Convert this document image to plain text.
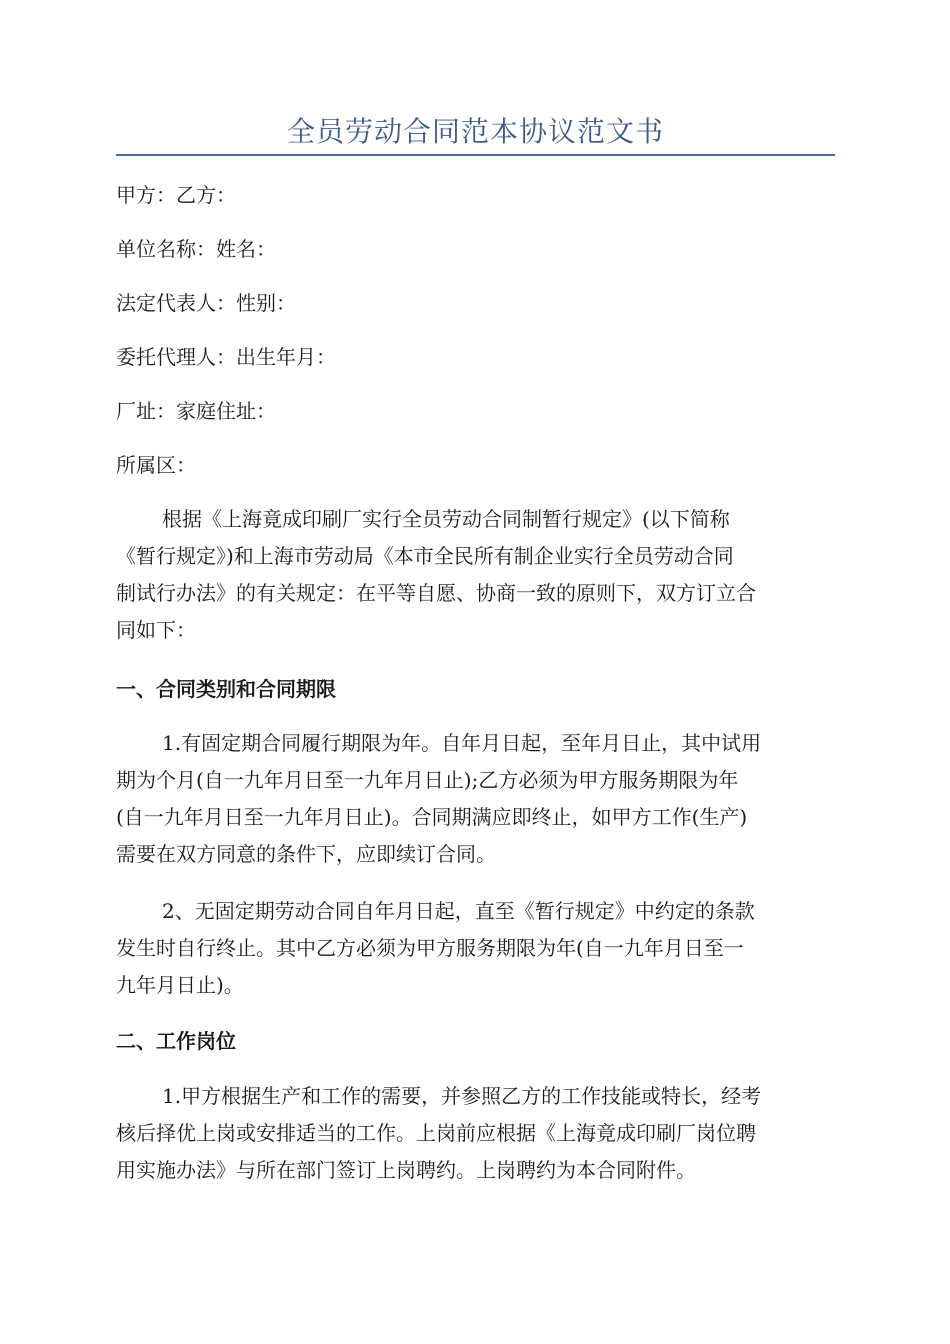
全员劳动合同范本协议范文书
甲方：乙方：
单位名称：姓名：
法定代表人：性别：
委托代理人：出生年月：
厂址：家庭住址：
所属区：
根据《上海竟成印刷厂实行全员劳动合同制暂行规定》(以下简称
《暂行规定》)和上海市劳动局《本市全民所有制企业实行全员劳动合同
制试行办法》的有关规定：在平等自愿、协商一致的原则下，双方订立合
同如下：
一、合同类别和合同期限
1.有固定期合同履行期限为年。自年月日起，至年月日止，其中试用
期为个月(自一九年月日至一九年月日止);乙方必须为甲方服务期限为年
(自一九年月日至一九年月日止)。合同期满应即终止，如甲方工作(生产)
需要在双方同意的条件下，应即续订合同。
2、无固定期劳动合同自年月日起，直至《暂行规定》中约定的条款
发生时自行终止。其中乙方必须为甲方服务期限为年(自一九年月日至一
九年月日止)。
二、工作岗位
1.甲方根据生产和工作的需要，并参照乙方的工作技能或特长，经考
核后择优上岗或安排适当的工作。上岗前应根据《上海竟成印刷厂岗位聘
用实施办法》与所在部门签订上岗聘约。上岗聘约为本合同附件。
